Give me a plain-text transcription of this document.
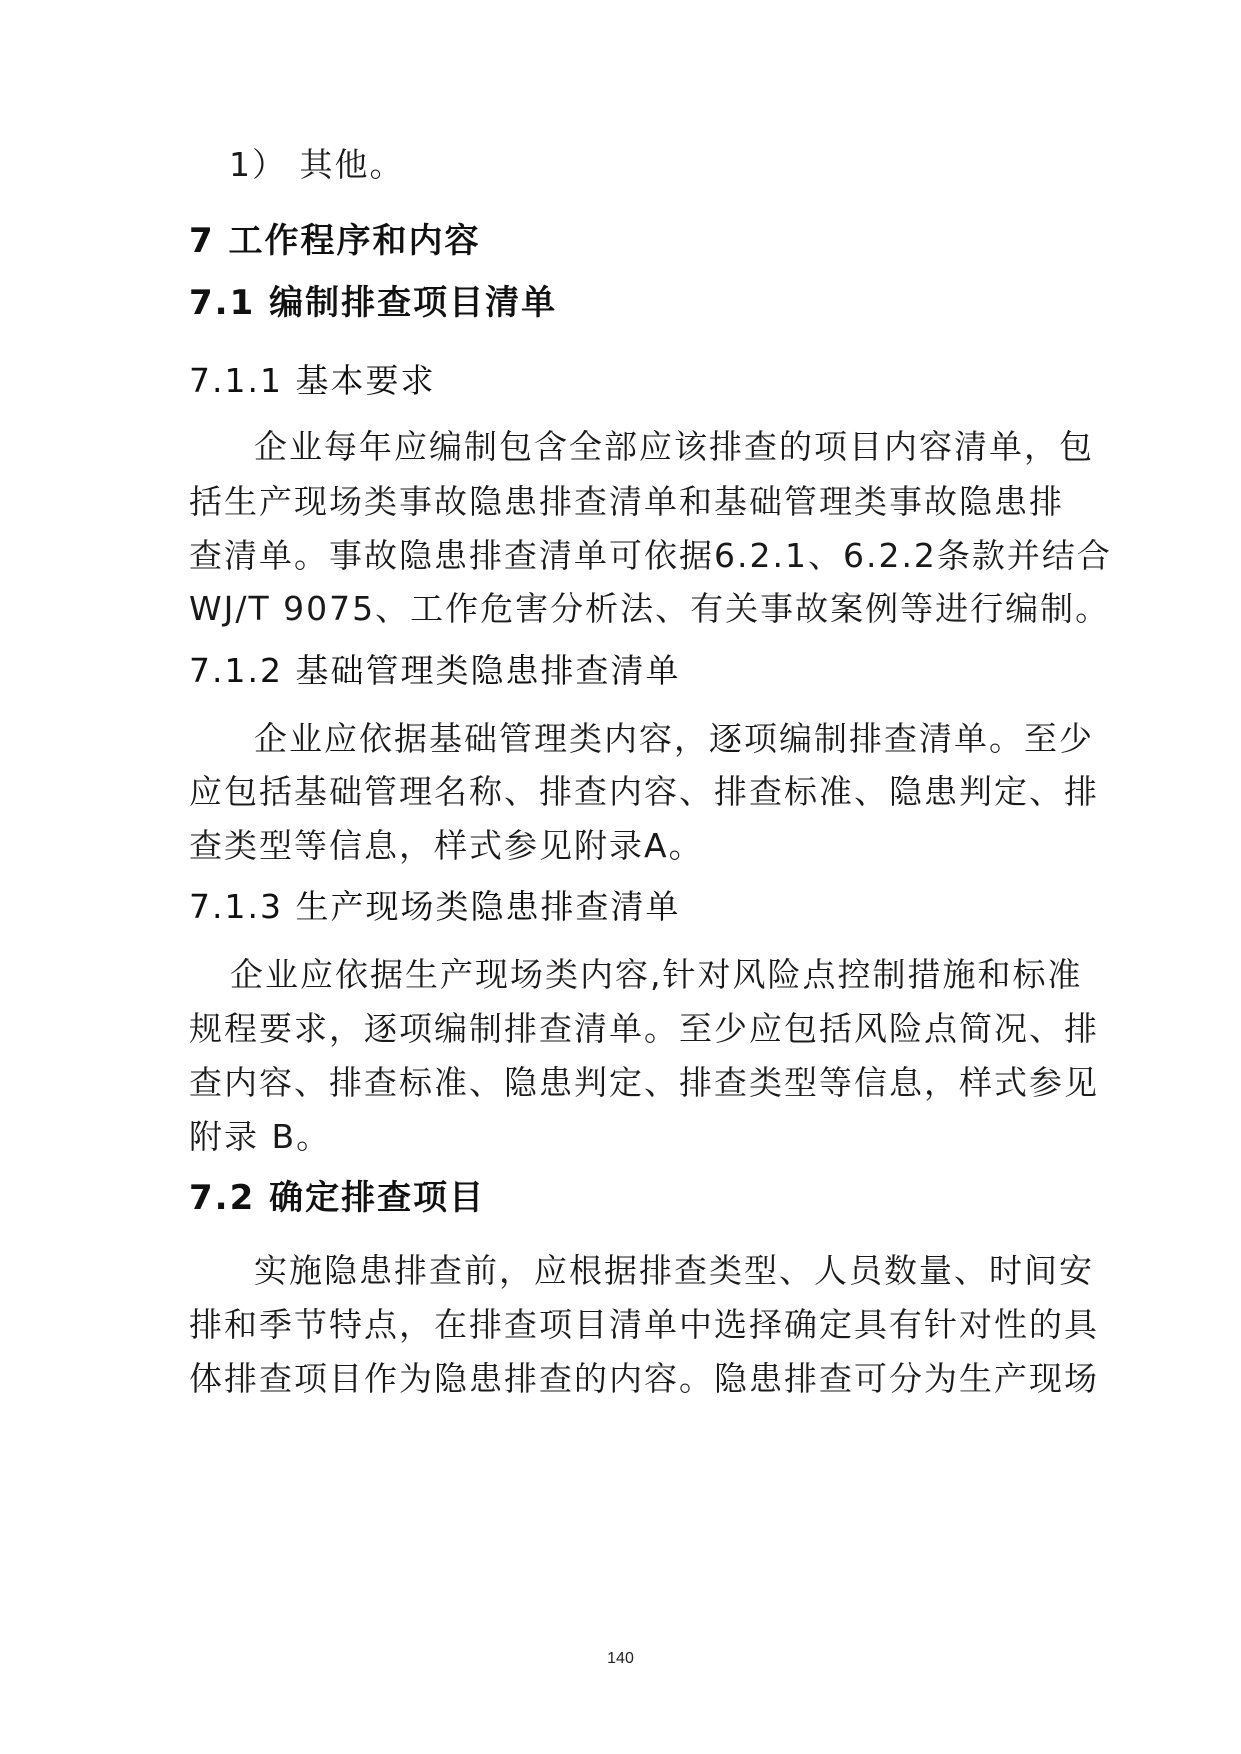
1） 其他。

7 工作程序和内容

7.1 编制排查项目清单

7.1.1 基本要求

企业每年应编制包含全部应该排查的项目内容清单，包

括生产现场类事故隐患排查清单和基础管理类事故隐患排

查清单。事故隐患排查清单可依据6.2.1、6.2.2条款并结合

WJ/T 9075、工作危害分析法、有关事故案例等进行编制。

7.1.2 基础管理类隐患排查清单

企业应依据基础管理类内容，逐项编制排查清单。至少

应包括基础管理名称、排查内容、排查标准、隐患判定、排

查类型等信息，样式参见附录A。

7.1.3 生产现场类隐患排查清单

企业应依据生产现场类内容,针对风险点控制措施和标准

规程要求，逐项编制排查清单。至少应包括风险点简况、排

查内容、排查标准、隐患判定、排查类型等信息，样式参见

附录 B。

7.2 确定排查项目

实施隐患排查前，应根据排查类型、人员数量、时间安

排和季节特点，在排查项目清单中选择确定具有针对性的具

体排查项目作为隐患排查的内容。隐患排查可分为生产现场

140
